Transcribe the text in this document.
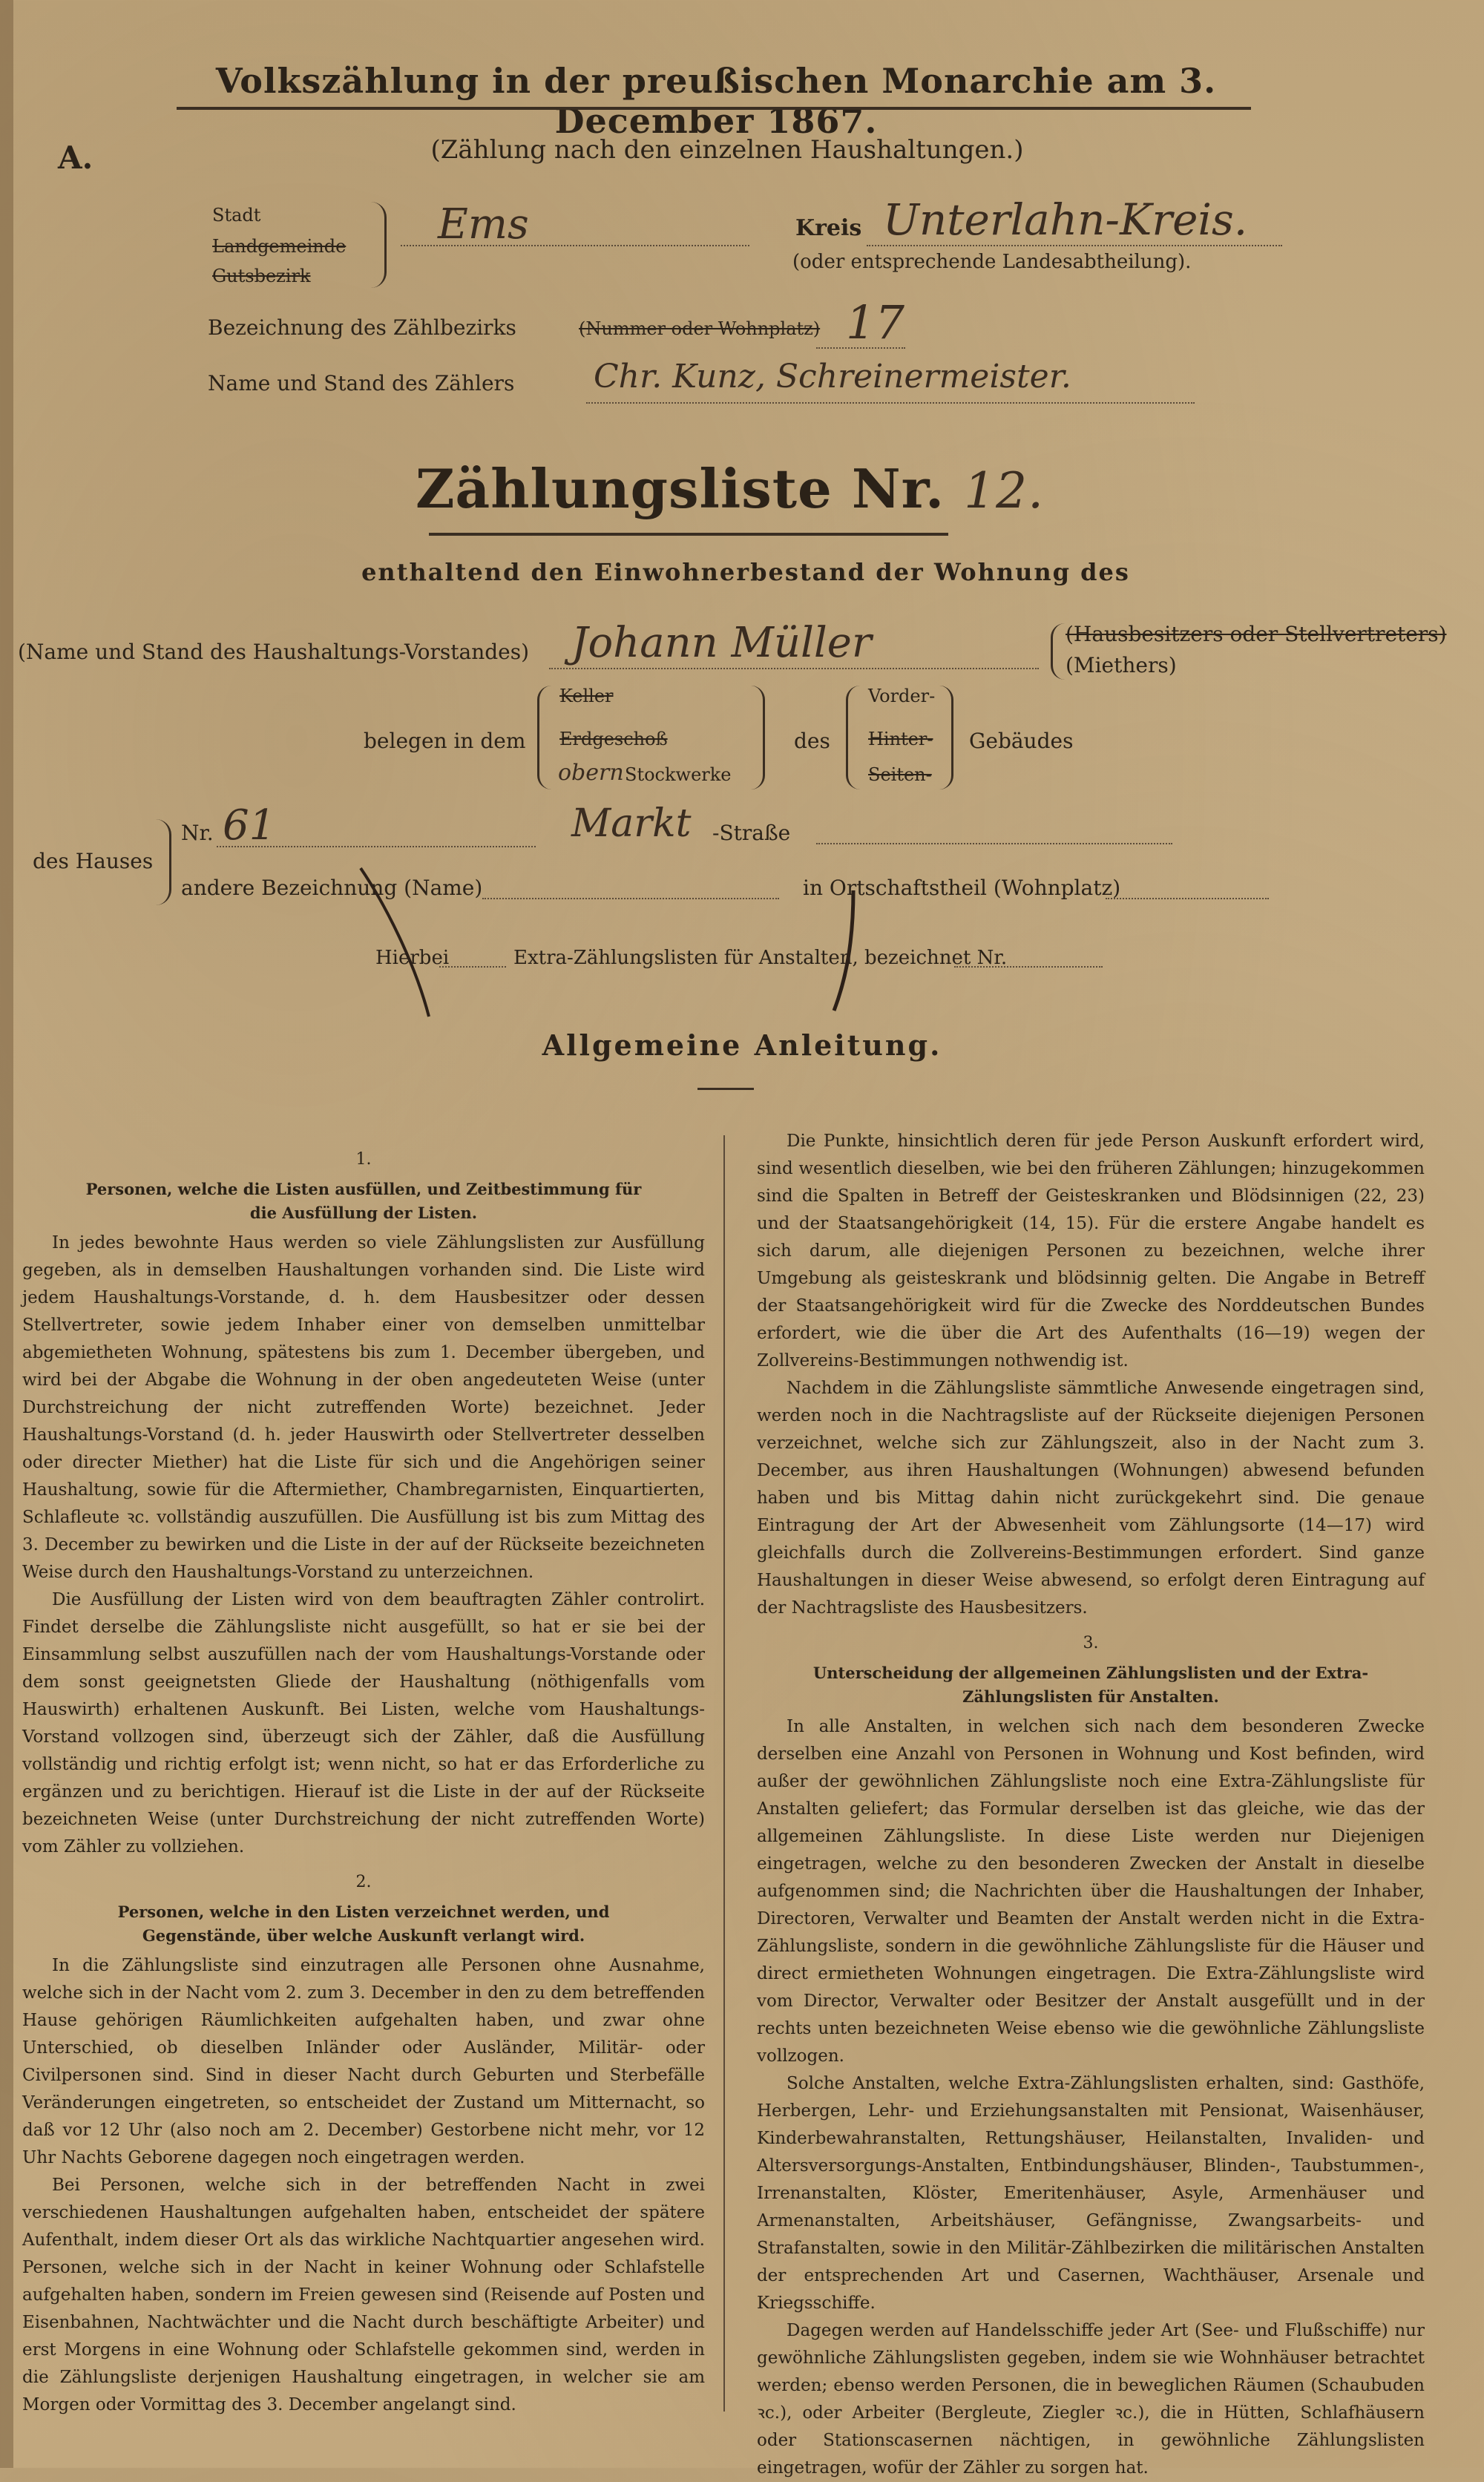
Volkszählung in der preußischen Monarchie am 3. December 1867.
A.	(Zählung nach den einzelnen Haushaltungen.)
Stadt
Landgemeinde
Gutsbezirk
Ems	Kreis Unterlahn-Kreis.
(oder entsprechende Landesabtheilung).
Bezeichnung des Zählbezirks	(Nummer oder Wohnplatz) 17
Name und Stand des Zählers Chr. Kunz, Schreinermeister.
Zählungsliste Nr. 12.
enthaltend den Einwohnerbestand der Wohnung des
(Name und Stand des Haushaltungs-Vorstandes) Johann Müller	(Hausbesitzers oder Stellvertreters)
(Miethers)
belegen in dem
Keller
Erdgeschoß
obern Stockwerke
des
Vorder-
Hinter-
Seiten-
Gebäudes
des Hauses
Nr. 61	Markt -Straße
andere Bezeichnung (Name)	in Ortschaftstheil (Wohnplatz)
Hierbei	Extra-Zählungslisten für Anstalten, bezeichnet Nr.
Allgemeine Anleitung.
1.
Personen, welche die Listen ausfüllen, und Zeitbestimmung für die Ausfüllung der Listen.

In jedes bewohnte Haus werden so viele Zählungslisten zur Ausfüllung gegeben, als in demselben Haushaltungen vorhanden sind. Die Liste wird jedem Haushaltungs-Vorstande, d. h. dem Hausbesitzer oder dessen Stellvertreter, sowie jedem Inhaber einer von demselben unmittelbar abgemietheten Wohnung, spätestens bis zum 1. December übergeben, und wird bei der Abgabe die Wohnung in der oben angedeuteten Weise (unter Durchstreichung der nicht zutreffenden Worte) bezeichnet. Jeder Haushaltungs-Vorstand (d. h. jeder Hauswirth oder Stellvertreter desselben oder directer Miether) hat die Liste für sich und die Angehörigen seiner Haushaltung, sowie für die Aftermiether, Chambregarnisten, Einquartierten, Schlafleute ꝛc. vollständig auszufüllen. Die Ausfüllung ist bis zum Mittag des 3. December zu bewirken und die Liste in der auf der Rückseite bezeichneten Weise durch den Haushaltungs-Vorstand zu unterzeichnen.

Die Ausfüllung der Listen wird von dem beauftragten Zähler controlirt. Findet derselbe die Zählungsliste nicht ausgefüllt, so hat er sie bei der Einsammlung selbst auszufüllen nach der vom Haushaltungs-Vorstande oder dem sonst geeignetsten Gliede der Haushaltung (nöthigenfalls vom Hauswirth) erhaltenen Auskunft. Bei Listen, welche vom Haushaltungs-Vorstand vollzogen sind, überzeugt sich der Zähler, daß die Ausfüllung vollständig und richtig erfolgt ist; wenn nicht, so hat er das Erforderliche zu ergänzen und zu berichtigen. Hierauf ist die Liste in der auf der Rückseite bezeichneten Weise (unter Durchstreichung der nicht zutreffenden Worte) vom Zähler zu vollziehen.

2.
Personen, welche in den Listen verzeichnet werden, und Gegenstände, über welche Auskunft verlangt wird.

In die Zählungsliste sind einzutragen alle Personen ohne Ausnahme, welche sich in der Nacht vom 2. zum 3. December in den zu dem betreffenden Hause gehörigen Räumlichkeiten aufgehalten haben, und zwar ohne Unterschied, ob dieselben Inländer oder Ausländer, Militär- oder Civilpersonen sind. Sind in dieser Nacht durch Geburten und Sterbefälle Veränderungen eingetreten, so entscheidet der Zustand um Mitternacht, so daß vor 12 Uhr (also noch am 2. December) Gestorbene nicht mehr, vor 12 Uhr Nachts Geborene dagegen noch eingetragen werden.

Bei Personen, welche sich in der betreffenden Nacht in zwei verschiedenen Haushaltungen aufgehalten haben, entscheidet der spätere Aufenthalt, indem dieser Ort als das wirkliche Nachtquartier angesehen wird. Personen, welche sich in der Nacht in keiner Wohnung oder Schlafstelle aufgehalten haben, sondern im Freien gewesen sind (Reisende auf Posten und Eisenbahnen, Nachtwächter und die Nacht durch beschäftigte Arbeiter) und erst Morgens in eine Wohnung oder Schlafstelle gekommen sind, werden in die Zählungsliste derjenigen Haushaltung eingetragen, in welcher sie am Morgen oder Vormittag des 3. December angelangt sind.

Die Punkte, hinsichtlich deren für jede Person Auskunft erfordert wird, sind wesentlich dieselben, wie bei den früheren Zählungen; hinzugekommen sind die Spalten in Betreff der Geisteskranken und Blödsinnigen (22, 23) und der Staatsangehörigkeit (14, 15). Für die erstere Angabe handelt es sich darum, alle diejenigen Personen zu bezeichnen, welche ihrer Umgebung als geisteskrank und blödsinnig gelten. Die Angabe in Betreff der Staatsangehörigkeit wird für die Zwecke des Norddeutschen Bundes erfordert, wie die über die Art des Aufenthalts (16—19) wegen der Zollvereins-Bestimmungen nothwendig ist.

Nachdem in die Zählungsliste sämmtliche Anwesende eingetragen sind, werden noch in die Nachtragsliste auf der Rückseite diejenigen Personen verzeichnet, welche sich zur Zählungszeit, also in der Nacht zum 3. December, aus ihren Haushaltungen (Wohnungen) abwesend befunden haben und bis Mittag dahin nicht zurückgekehrt sind. Die genaue Eintragung der Art der Abwesenheit vom Zählungsorte (14—17) wird gleichfalls durch die Zollvereins-Bestimmungen erfordert. Sind ganze Haushaltungen in dieser Weise abwesend, so erfolgt deren Eintragung auf der Nachtragsliste des Hausbesitzers.

3.
Unterscheidung der allgemeinen Zählungslisten und der Extra-Zählungslisten für Anstalten.

In alle Anstalten, in welchen sich nach dem besonderen Zwecke derselben eine Anzahl von Personen in Wohnung und Kost befinden, wird außer der gewöhnlichen Zählungsliste noch eine Extra-Zählungsliste für Anstalten geliefert; das Formular derselben ist das gleiche, wie das der allgemeinen Zählungsliste. In diese Liste werden nur Diejenigen eingetragen, welche zu den besonderen Zwecken der Anstalt in dieselbe aufgenommen sind; die Nachrichten über die Haushaltungen der Inhaber, Directoren, Verwalter und Beamten der Anstalt werden nicht in die Extra-Zählungsliste, sondern in die gewöhnliche Zählungsliste für die Häuser und direct ermietheten Wohnungen eingetragen. Die Extra-Zählungsliste wird vom Director, Verwalter oder Besitzer der Anstalt ausgefüllt und in der rechts unten bezeichneten Weise ebenso wie die gewöhnliche Zählungsliste vollzogen.

Solche Anstalten, welche Extra-Zählungslisten erhalten, sind: Gasthöfe, Herbergen, Lehr- und Erziehungsanstalten mit Pensionat, Waisenhäuser, Kinderbewahranstalten, Rettungshäuser, Heilanstalten, Invaliden- und Altersversorgungs-Anstalten, Entbindungshäuser, Blinden-, Taubstummen-, Irrenanstalten, Klöster, Emeritenhäuser, Asyle, Armenhäuser und Armenanstalten, Arbeitshäuser, Gefängnisse, Zwangsarbeits- und Strafanstalten, sowie in den Militär-Zählbezirken die militärischen Anstalten der entsprechenden Art und Casernen, Wachthäuser, Arsenale und Kriegsschiffe.

Dagegen werden auf Handelsschiffe jeder Art (See- und Flußschiffe) nur gewöhnliche Zählungslisten gegeben, indem sie wie Wohnhäuser betrachtet werden; ebenso werden Personen, die in beweglichen Räumen (Schaubuden ꝛc.), oder Arbeiter (Bergleute, Ziegler ꝛc.), die in Hütten, Schlafhäusern oder Stationscasernen nächtigen, in gewöhnliche Zählungslisten eingetragen, wofür der Zähler zu sorgen hat.
